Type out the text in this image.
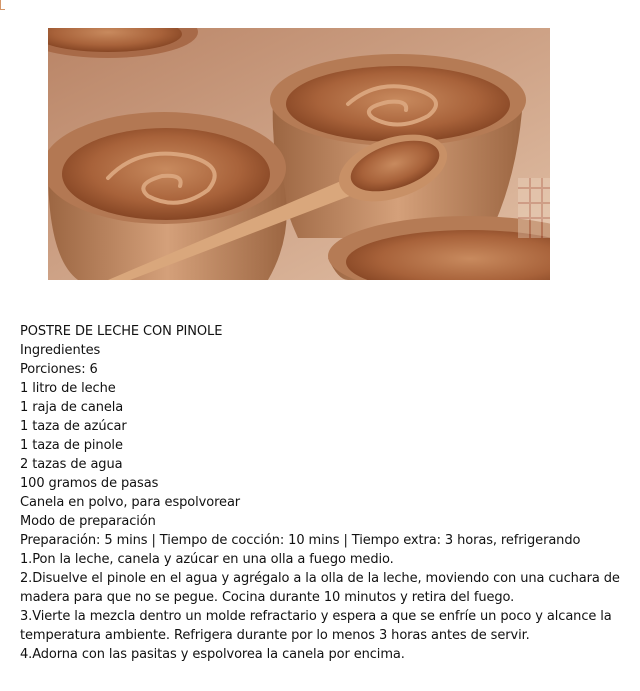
POSTRE DE LECHE CON PINOLE

Ingredientes

Porciones: 6

1 litro de leche
1 raja de canela
1 taza de azúcar
1 taza de pinole
2 tazas de agua
100 gramos de pasas
Canela en polvo, para espolvorear

Modo de preparación

Preparación: 5 mins | Tiempo de cocción: 10 mins | Tiempo extra: 3 horas, refrigerando

1.Pon la leche, canela y azúcar en una olla a fuego medio.
2.Disuelve el pinole en el agua y agrégalo a la olla de la leche, moviendo con una cuchara de madera para que no se pegue. Cocina durante 10 minutos y retira del fuego.
3.Vierte la mezcla dentro un molde refractario y espera a que se enfríe un poco y alcance la temperatura ambiente. Refrigera durante por lo menos 3 horas antes de servir.
4.Adorna con las pasitas y espolvorea la canela por encima.
